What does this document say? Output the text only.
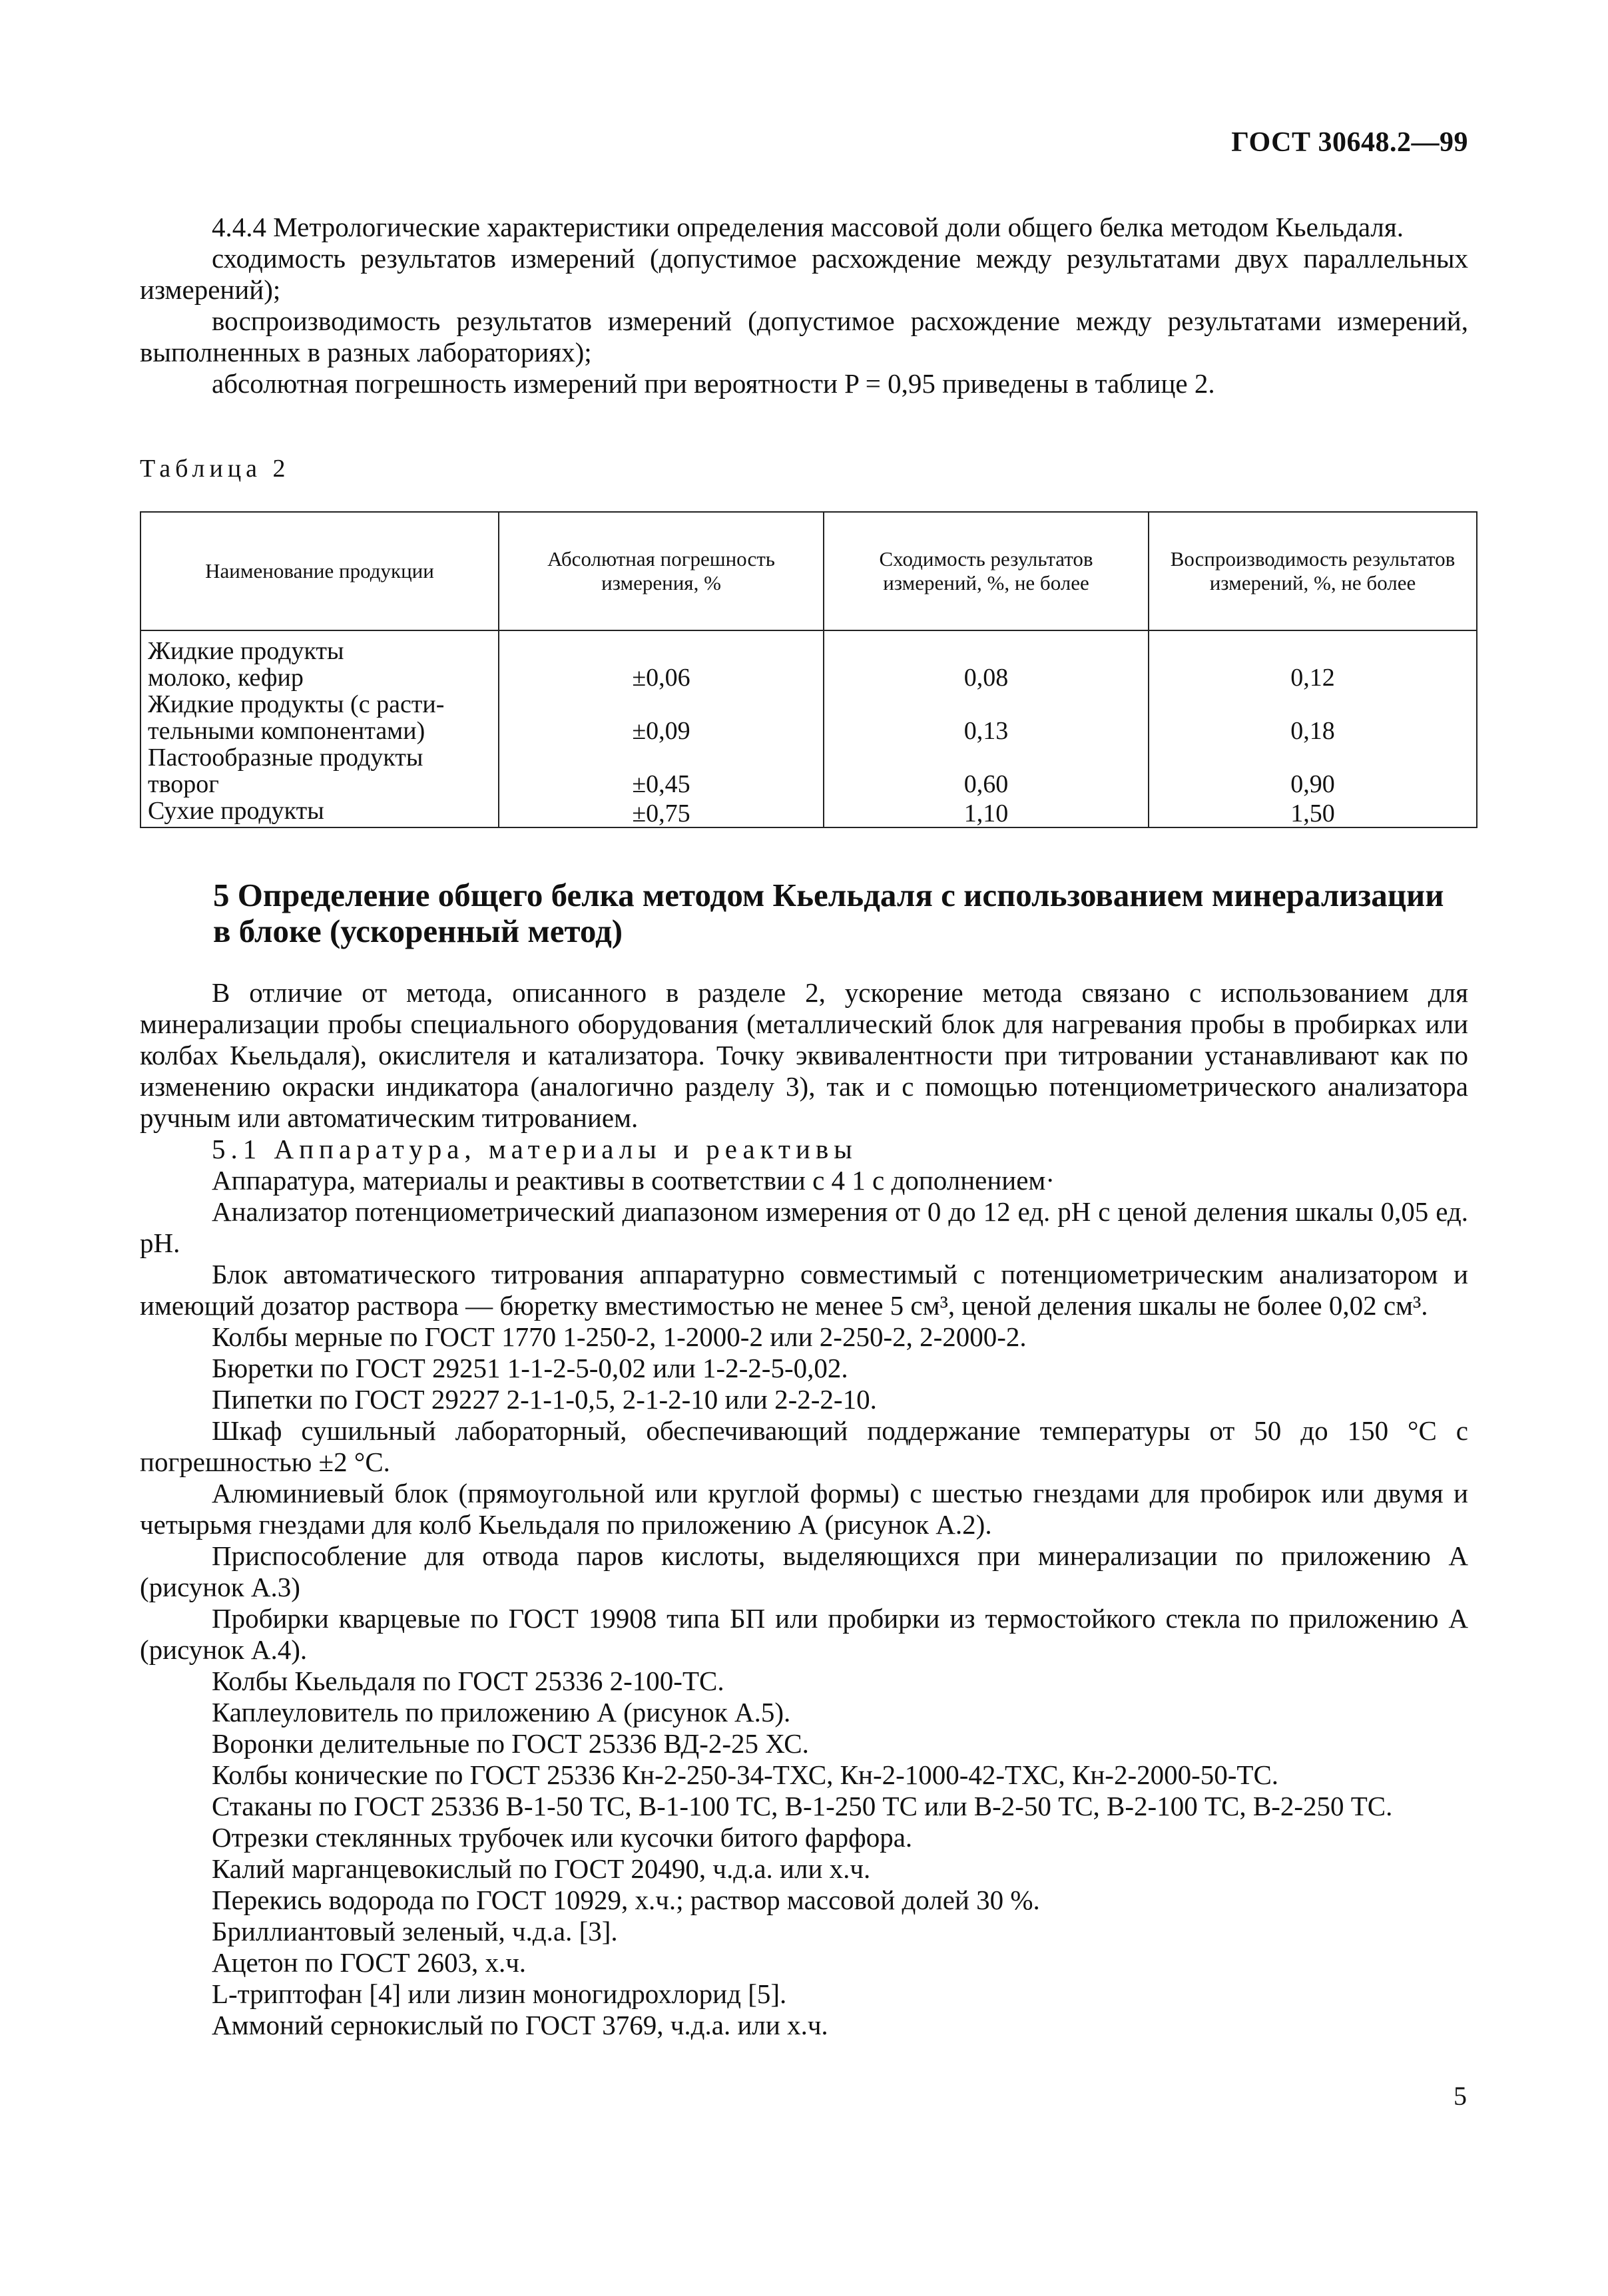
ГОСТ 30648.2—99

4.4.4 Метрологические характеристики определения массовой доли общего белка методом Кьельдаля.

сходимость результатов измерений (допустимое расхождение между результатами двух параллельных измерений);

воспроизводимость результатов измерений (допустимое расхождение между результатами измерений, выполненных в разных лабораториях);

абсолютная погрешность измерений при вероятности P = 0,95 приведены в таблице 2.

Таблица 2
Наименование продукции	Абсолютная погрешность измерения, %	Сходимость результатов измерений, %, не более	Воспроизводимость результатов измерений, %, не более
Жидкие продукты			
молоко, кефир	±0,06	0,08	0,12
Жидкие продукты (с расти-			
тельными компонентами)	±0,09	0,13	0,18
Пастообразные продукты			
творог	±0,45	0,60	0,90
Сухие продукты	±0,75	1,10	1,50
5 Определение общего белка методом Кьельдаля с использованием минерализации в блоке (ускоренный метод)

В отличие от метода, описанного в разделе 2, ускорение метода связано с использованием для минерализации пробы специального оборудования (металлический блок для нагревания пробы в пробирках или колбах Кьельдаля), окислителя и катализатора. Точку эквивалентности при титровании устанавливают как по изменению окраски индикатора (аналогично разделу 3), так и с помощью потенциометрического анализатора ручным или автоматическим титрованием.

5.1 Аппаратура, материалы и реактивы

Аппаратура, материалы и реактивы в соответствии с 4 1 с дополнением·

Анализатор потенциометрический диапазоном измерения от 0 до 12 ед. pH с ценой деления шкалы 0,05 ед. pH.

Блок автоматического титрования аппаратурно совместимый с потенциометрическим анализатором и имеющий дозатор раствора — бюретку вместимостью не менее 5 см³, ценой деления шкалы не более 0,02 см³.

Колбы мерные по ГОСТ 1770 1-250-2, 1-2000-2 или 2-250-2, 2-2000-2.

Бюретки по ГОСТ 29251 1-1-2-5-0,02 или 1-2-2-5-0,02.

Пипетки по ГОСТ 29227 2-1-1-0,5, 2-1-2-10 или 2-2-2-10.

Шкаф сушильный лабораторный, обеспечивающий поддержание температуры от 50 до 150 °С с погрешностью ±2 °С.

Алюминиевый блок (прямоугольной или круглой формы) с шестью гнездами для пробирок или двумя и четырьмя гнездами для колб Кьельдаля по приложению А (рисунок А.2).

Приспособление для отвода паров кислоты, выделяющихся при минерализации по приложению А (рисунок А.3)

Пробирки кварцевые по ГОСТ 19908 типа БП или пробирки из термостойкого стекла по приложению А (рисунок А.4).

Колбы Кьельдаля по ГОСТ 25336 2-100-ТС.

Каплеуловитель по приложению А (рисунок А.5).

Воронки делительные по ГОСТ 25336 ВД-2-25 ХС.

Колбы конические по ГОСТ 25336 Кн-2-250-34-ТХС, Кн-2-1000-42-ТХС, Кн-2-2000-50-ТС.

Стаканы по ГОСТ 25336 В-1-50 ТС, В-1-100 ТС, В-1-250 ТС или В-2-50 ТС, В-2-100 ТС, В-2-250 ТС.

Отрезки стеклянных трубочек или кусочки битого фарфора.

Калий марганцевокислый по ГОСТ 20490, ч.д.а. или х.ч.

Перекись водорода по ГОСТ 10929, х.ч.; раствор массовой долей 30 %.

Бриллиантовый зеленый, ч.д.а. [3].

Ацетон по ГОСТ 2603, х.ч.

L-триптофан [4] или лизин моногидрохлорид [5].

Аммоний сернокислый по ГОСТ 3769, ч.д.а. или х.ч.

5
